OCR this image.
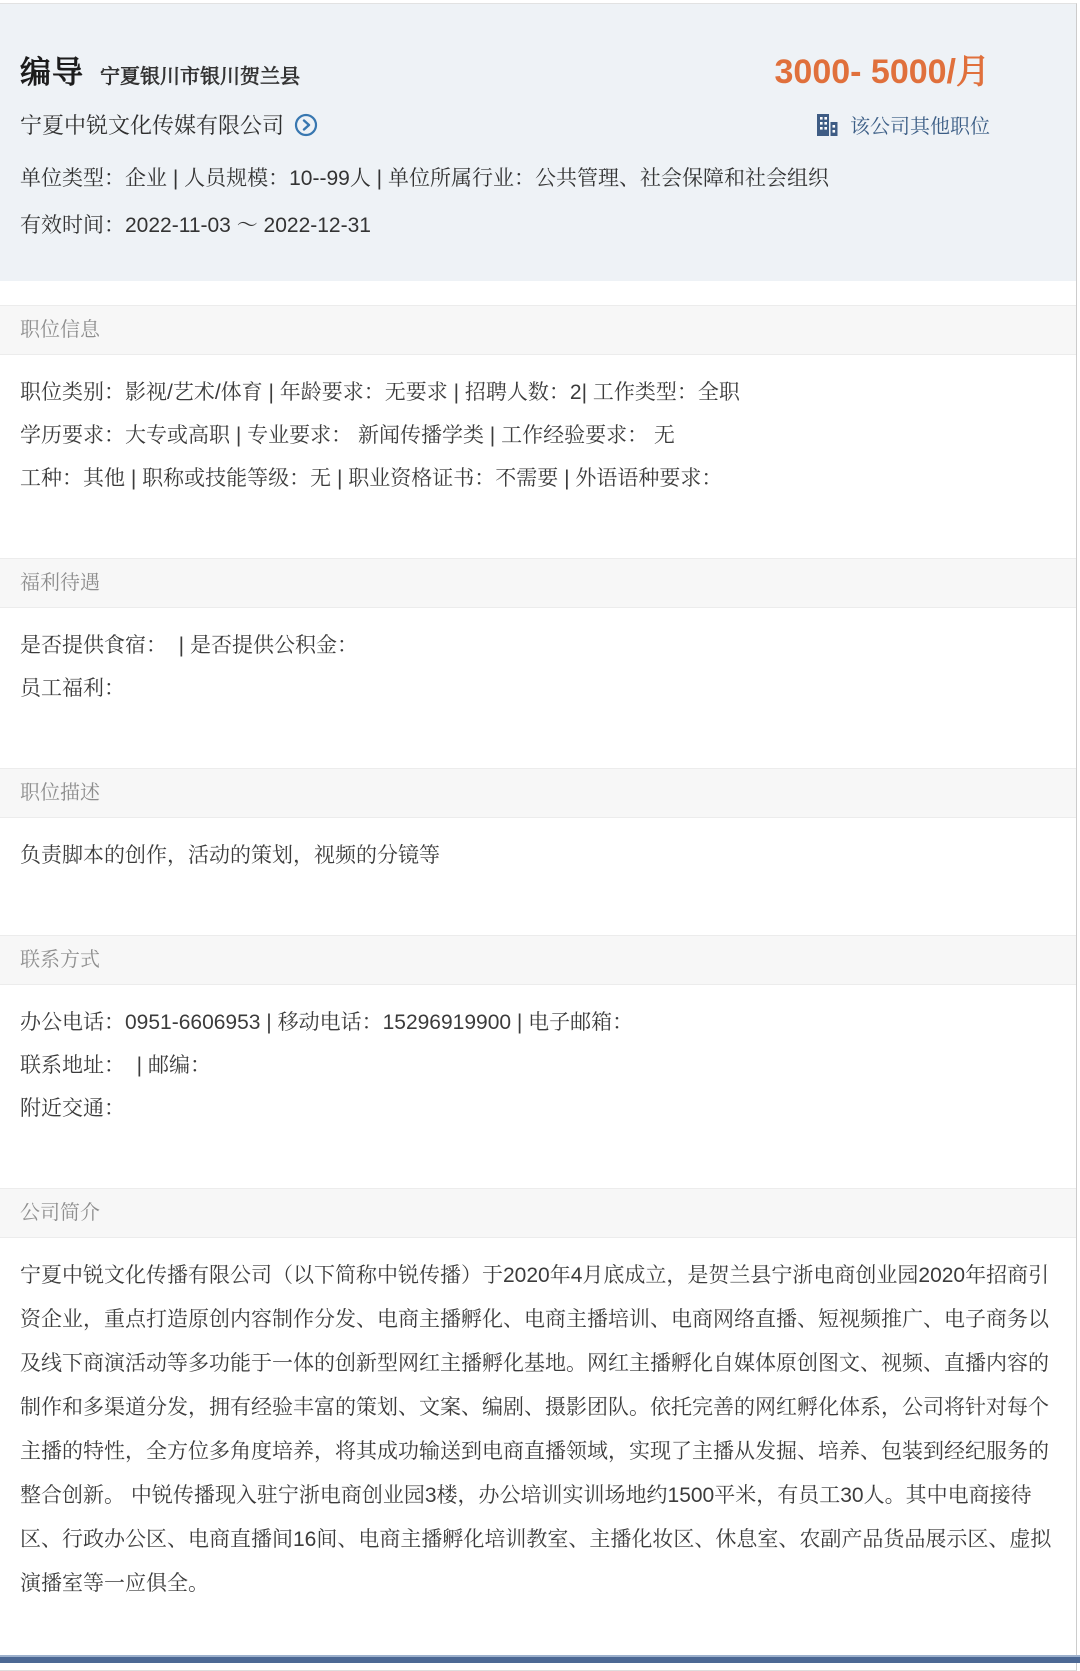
编导 宁夏银川市银川贺兰县	3000- 5000/月
宁夏中锐文化传媒有限公司	该公司其他职位
单位类型：企业 | 人员规模：10--99人 | 单位所属行业：公共管理、社会保障和社会组织
有效时间：2022-11-03 ～ 2022-12-31
职位信息
职位类别：影视/艺术/体育 | 年龄要求：无要求 | 招聘人数：2| 工作类型：全职
学历要求：大专或高职 | 专业要求： 新闻传播学类 | 工作经验要求： 无
工种：其他 | 职称或技能等级：无 | 职业资格证书：不需要 | 外语语种要求：
福利待遇
是否提供食宿：  | 是否提供公积金：
员工福利：
职位描述
负责脚本的创作，活动的策划，视频的分镜等
联系方式
办公电话：0951-6606953 | 移动电话：15296919900 | 电子邮箱：
联系地址：  | 邮编：
附近交通：
公司简介
宁夏中锐文化传播有限公司（以下简称中锐传播）于2020年4月底成立，是贺兰县宁浙电商创业园2020年招商引资企业，重点打造原创内容制作分发、电商主播孵化、电商主播培训、电商网络直播、短视频推广、电子商务以及线下商演活动等多功能于一体的创新型网红主播孵化基地。网红主播孵化自媒体原创图文、视频、直播内容的制作和多渠道分发，拥有经验丰富的策划、文案、编剧、摄影团队。依托完善的网红孵化体系，公司将针对每个主播的特性，全方位多角度培养，将其成功输送到电商直播领域，实现了主播从发掘、培养、包装到经纪服务的整合创新。 中锐传播现入驻宁浙电商创业园3楼，办公培训实训场地约1500平米，有员工30人。其中电商接待区、行政办公区、电商直播间16间、电商主播孵化培训教室、主播化妆区、休息室、农副产品货品展示区、虚拟演播室等一应俱全。
